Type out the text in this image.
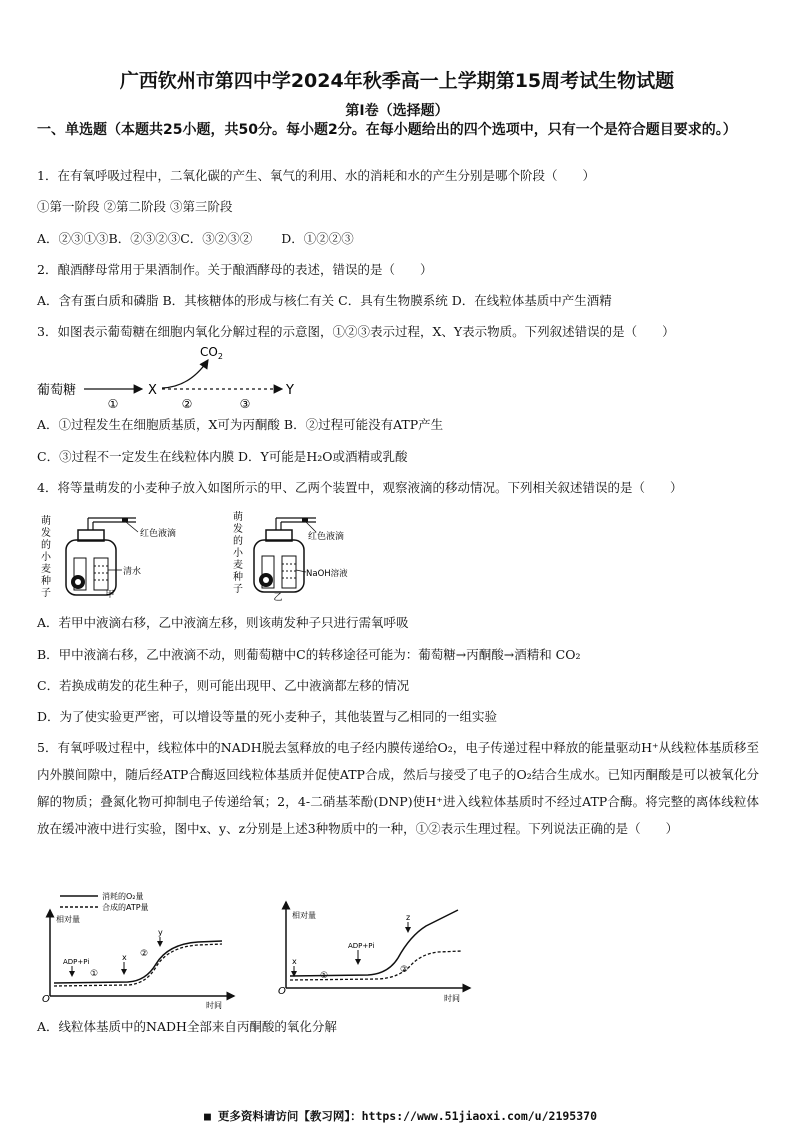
广西钦州市第四中学2024年秋季高一上学期第15周考试生物试题
第Ⅰ卷（选择题）
一、单选题（本题共25小题，共50分。每小题2分。在每小题给出的四个选项中，只有一个是符合题目要求的。）
1．在有氧呼吸过程中，二氧化碳的产生、氧气的利用、水的消耗和水的产生分别是哪个阶段（　　）
①第一阶段 ②第二阶段 ③第三阶段
A．②③①③B．②③②③C．③②③②　　 D．①②②③
2．酿酒酵母常用于果酒制作。关于酿酒酵母的表述，错误的是（　　）
A．含有蛋白质和磷脂 B．其核糖体的形成与核仁有关 C．具有生物膜系统 D．在线粒体基质中产生酒精
3．如图表示葡萄糖在细胞内氧化分解过程的示意图，①②③表示过程，X、Y表示物质。下列叙述错误的是（　　）
葡萄糖
①
X
$CO_2$
②	③
Y
A．①过程发生在细胞质基质，X可为丙酮酸 B．②过程可能没有ATP产生
C．③过程不一定发生在线粒体内膜 D．Y可能是H₂O或酒精或乳酸
4．将等量萌发的小麦种子放入如图所示的甲、乙两个装置中，观察液滴的移动情况。下列相关叙述错误的是（　　）
萌
发
的
小
麦
种
子
红色液滴
清水
甲
萌
发
的
小
麦
种
子
红色液滴
NaOH溶液
乙
A．若甲中液滴右移，乙中液滴左移，则该萌发种子只进行需氧呼吸
B．甲中液滴右移，乙中液滴不动，则葡萄糖中C的转移途径可能为：葡萄糖→丙酮酸→酒精和 CO₂
C．若换成萌发的花生种子，则可能出现甲、乙中液滴都左移的情况
D．为了使实验更严密，可以增设等量的死小麦种子，其他装置与乙相同的一组实验
5．有氧呼吸过程中，线粒体中的NADH脱去氢释放的电子经内膜传递给O₂，电子传递过程中释放的能量驱动H⁺从线粒体基质移至内外膜间隙中，随后经ATP合酶返回线粒体基质并促使ATP合成，然后与接受了电子的O₂结合生成水。已知丙酮酸是可以被氧化分解的物质；叠氮化物可抑制电子传递给氧；2，4-二硝基苯酚(DNP)使H⁺进入线粒体基质时不经过ATP合酶。将完整的离体线粒体放在缓冲液中进行实验，图中x、y、z分别是上述3种物质中的一种，①②表示生理过程。下列说法正确的是（　　）
消耗的O₂量
合成的ATP量
相对量
O
时间
ADP+Pi	x
y
①
②
相对量
O
时间
x
ADP+Pi
z
①
②
A．线粒体基质中的NADH全部来自丙酮酸的氧化分解
■ 更多资料请访问【教习网】：https://www.51jiaoxi.com/u/2195370
